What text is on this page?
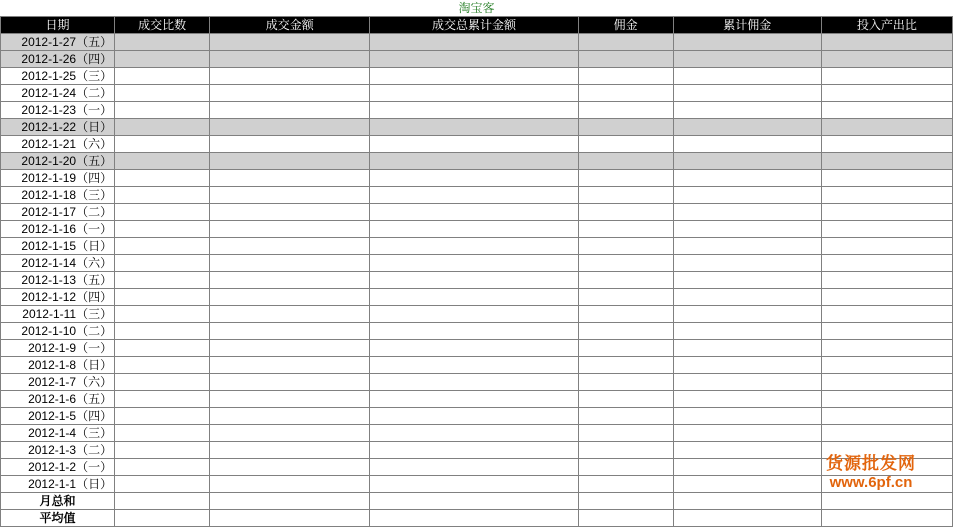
淘宝客
日期	成交比数	成交金额	成交总累计金额	佣金	累计佣金	投入产出比
2012-1-27（五）						
2012-1-26（四）						
2012-1-25（三）						
2012-1-24（二）						
2012-1-23（一）						
2012-1-22（日）						
2012-1-21（六）						
2012-1-20（五）						
2012-1-19（四）						
2012-1-18（三）						
2012-1-17（二）						
2012-1-16（一）						
2012-1-15（日）						
2012-1-14（六）						
2012-1-13（五）						
2012-1-12（四）						
2012-1-11（三）						
2012-1-10（二）						
2012-1-9（一）						
2012-1-8（日）						
2012-1-7（六）						
2012-1-6（五）						
2012-1-5（四）						
2012-1-4（三）						
2012-1-3（二）						
2012-1-2（一）						
2012-1-1（日）						
月总和						
平均值						
货源批发网
www.6pf.cn
